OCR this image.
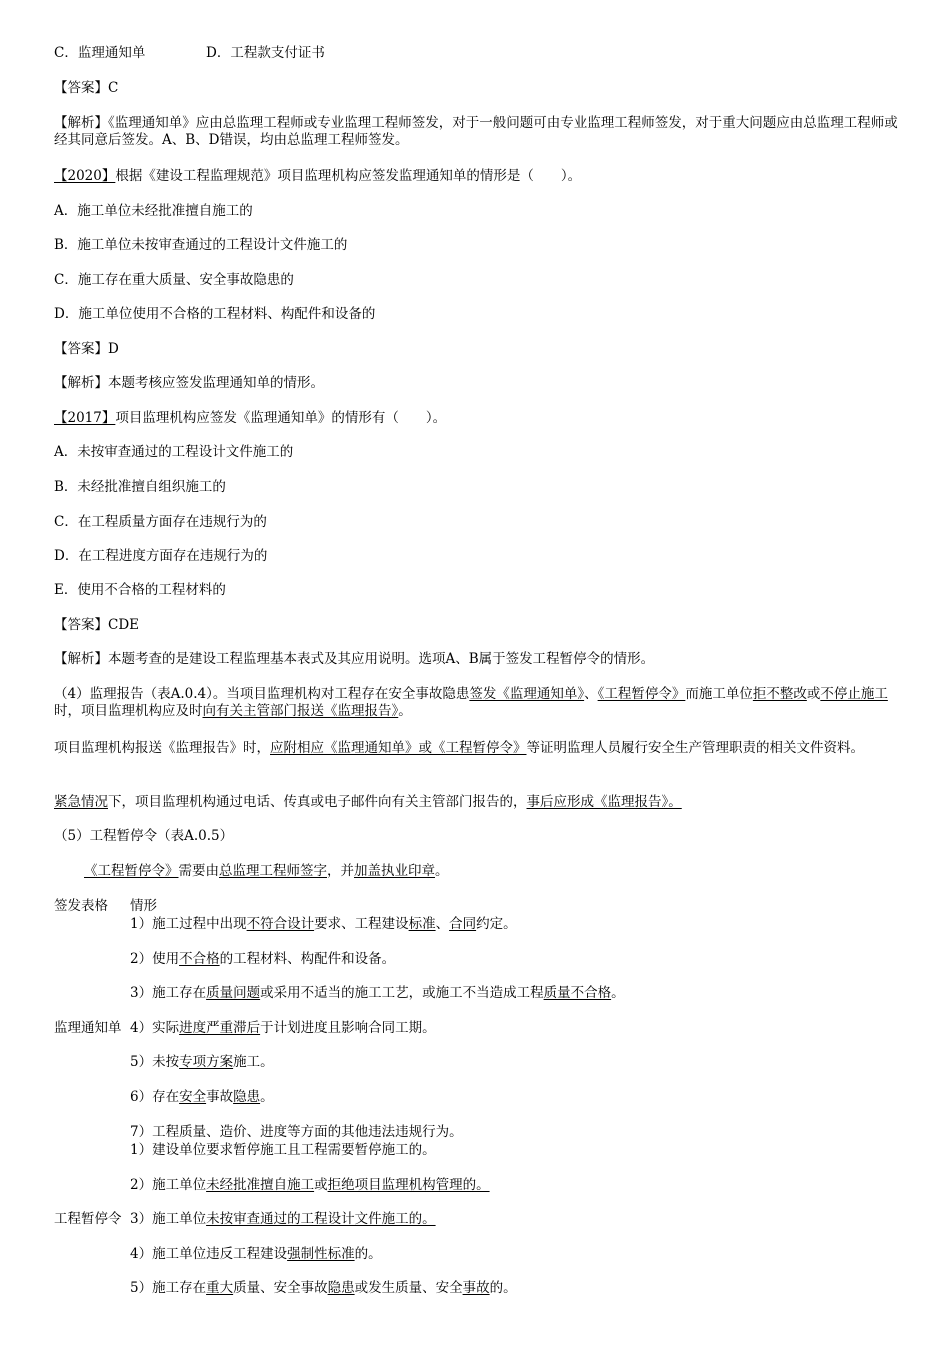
C．监理通知单	D．工程款支付证书
【答案】C
【解析】《监理通知单》应由总监理工程师或专业监理工程师签发，对于一般问题可由专业监理工程师签发，对于重大问题应由总监理工程师或经其同意后签发。A、B、D错误，均由总监理工程师签发。
【2020】根据《建设工程监理规范》项目监理机构应签发监理通知单的情形是（　　）。
A．施工单位未经批准擅自施工的
B．施工单位未按审查通过的工程设计文件施工的
C．施工存在重大质量、安全事故隐患的
D．施工单位使用不合格的工程材料、构配件和设备的
【答案】D
【解析】本题考核应签发监理通知单的情形。
【2017】项目监理机构应签发《监理通知单》的情形有（　　）。
A．未按审查通过的工程设计文件施工的
B．未经批准擅自组织施工的
C．在工程质量方面存在违规行为的
D．在工程进度方面存在违规行为的
E．使用不合格的工程材料的
【答案】CDE
【解析】本题考查的是建设工程监理基本表式及其应用说明。选项A、B属于签发工程暂停令的情形。
（4）监理报告（表A.0.4）。当项目监理机构对工程存在安全事故隐患签发《监理通知单》、《工程暂停令》而施工单位拒不整改或不停止施工时，项目监理机构应及时向有关主管部门报送《监理报告》。
项目监理机构报送《监理报告》时，应附相应《监理通知单》或《工程暂停令》等证明监理人员履行安全生产管理职责的相关文件资料。
紧急情况下，项目监理机构通过电话、传真或电子邮件向有关主管部门报告的，事后应形成《监理报告》。
（5）工程暂停令（表A.0.5）
《工程暂停令》需要由总监理工程师签字，并加盖执业印章。
签发表格 情形
1）施工过程中出现不符合设计要求、工程建设标准、合同约定。
2）使用不合格的工程材料、构配件和设备。
3）施工存在质量问题或采用不适当的施工工艺，或施工不当造成工程质量不合格。
监理通知单 4）实际进度严重滞后于计划进度且影响合同工期。
5）未按专项方案施工。
6）存在安全事故隐患。
7）工程质量、造价、进度等方面的其他违法违规行为。
1）建设单位要求暂停施工且工程需要暂停施工的。
2）施工单位未经批准擅自施工或拒绝项目监理机构管理的。
工程暂停令 3）施工单位未按审查通过的工程设计文件施工的。
4）施工单位违反工程建设强制性标准的。
5）施工存在重大质量、安全事故隐患或发生质量、安全事故的。
